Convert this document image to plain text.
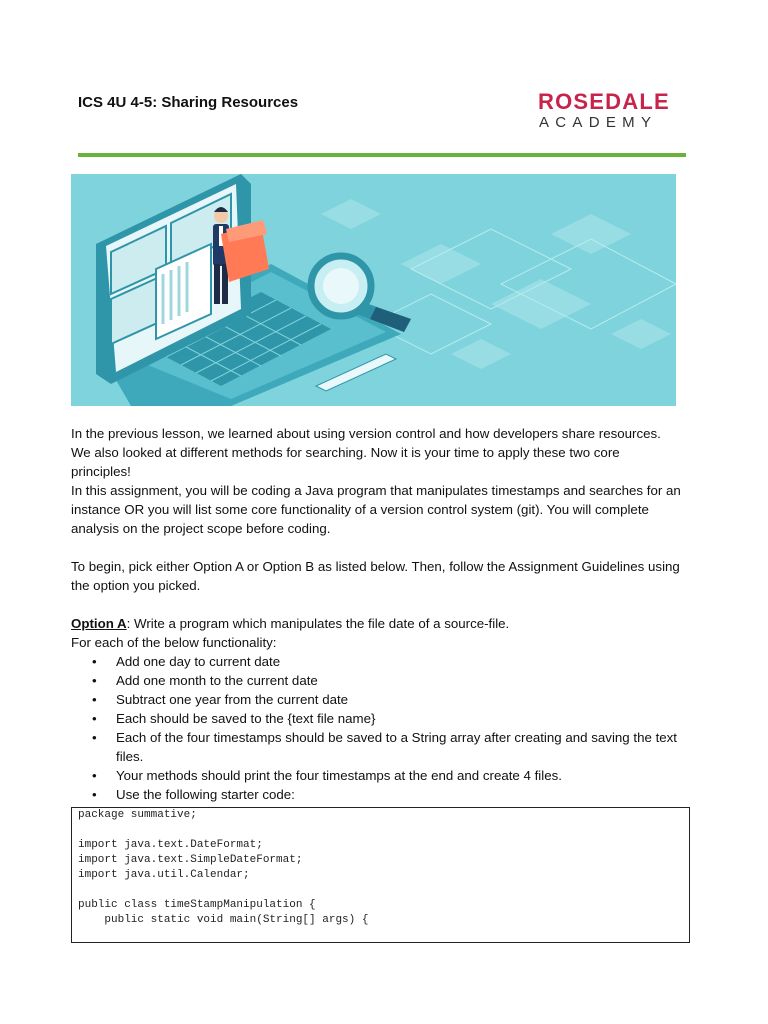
ICS 4U 4-5: Sharing Resources	ROSEDALE
ACADEMY

In the previous lesson, we learned about using version control and how developers share resources. We also looked at different methods for searching. Now it is your time to apply these two core principles!

In this assignment, you will be coding a Java program that manipulates timestamps and searches for an instance OR you will list some core functionality of a version control system (git). You will complete analysis on the project scope before coding.

To begin, pick either Option A or Option B as listed below. Then, follow the Assignment Guidelines using the option you picked.

Option A: Write a program which manipulates the file date of a source-file.

For each of the below functionality:

• Add one day to current date
• Add one month to the current date
• Subtract one year from the current date
• Each should be saved to the {text file name}
• Each of the four timestamps should be saved to a String array after creating and saving the text files.
• Your methods should print the four timestamps at the end and create 4 files.
• Use the following starter code:
package summative;

import java.text.DateFormat;
import java.text.SimpleDateFormat;
import java.util.Calendar;

public class timeStampManipulation {
public static void main(String[] args) {
